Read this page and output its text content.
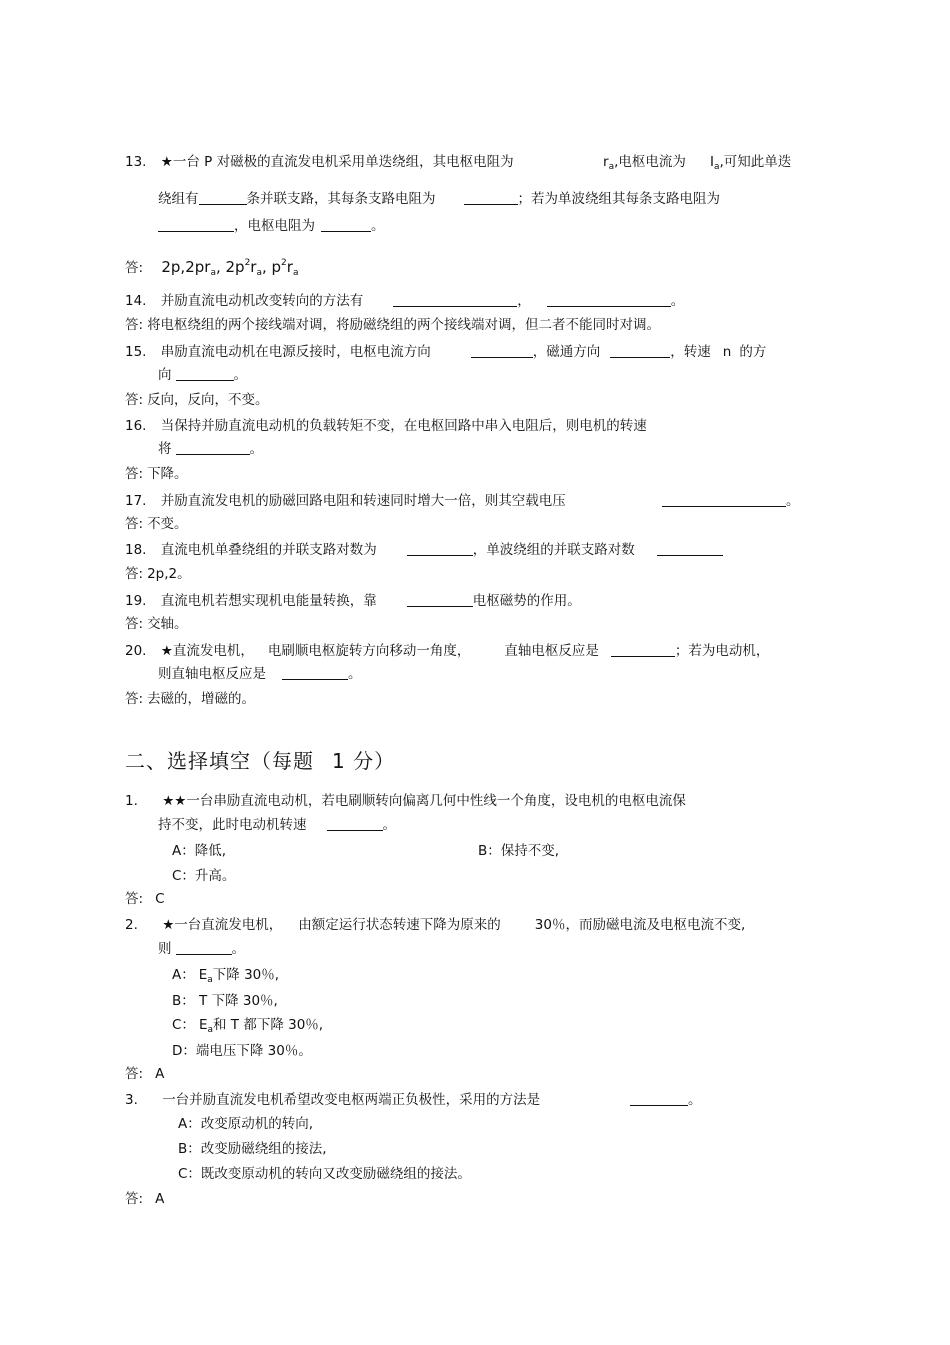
13. ★一台 P 对磁极的直流发电机采用单迭绕组，其电枢电阻为	$r_a$,电枢电流为 $I_a$,可知此单迭
绕组有	条并联支路，其每条支路电阻为	；若为单波绕组其每条支路电阻为
，电枢电阻为	。
答: $2p,2pr_a$, $2p^2r_a$, $p^2r_a$
14. 并励直流电动机改变转向的方法有	，	。
答: 将电枢绕组的两个接线端对调，将励磁绕组的两个接线端对调，但二者不能同时对调。
15. 串励直流电动机在电源反接时，电枢电流方向	，磁通方向	，转速 n 的方
向	。
答: 反向，反向，不变。
16. 当保持并励直流电动机的负载转矩不变，在电枢回路中串入电阻后，则电机的转速
将	。
答: 下降。
17. 并励直流发电机的励磁回路电阻和转速同时增大一倍，则其空载电压	。
答: 不变。
18. 直流电机单叠绕组的并联支路对数为	，单波绕组的并联支路对数
答: 2p,2。
19. 直流电机若想实现机电能量转换，靠	电枢磁势的作用。
答: 交轴。
20. ★直流发电机， 电刷顺电枢旋转方向移动一角度，	直轴电枢反应是	；若为电动机，
则直轴电枢反应是	。
答: 去磁的，增磁的。
二、选择填空（每题 1 分）
1. ★★一台串励直流电动机，若电刷顺转向偏离几何中性线一个角度，设电机的电枢电流保
持不变，此时电动机转速	。
A：降低,	B：保持不变,
C：升高。
答: C
2. ★一台直流发电机， 由额定运行状态转速下降为原来的	30％，而励磁电流及电枢电流不变,
则	。
A： $E_a$下降 30％,
B： T 下降 30％,
C： $E_a$和 T 都下降 30％,
D：端电压下降 30％。
答: A
3. 一台并励直流发电机希望改变电枢两端正负极性，采用的方法是	。
A：改变原动机的转向,
B：改变励磁绕组的接法,
C：既改变原动机的转向又改变励磁绕组的接法。
答: A
